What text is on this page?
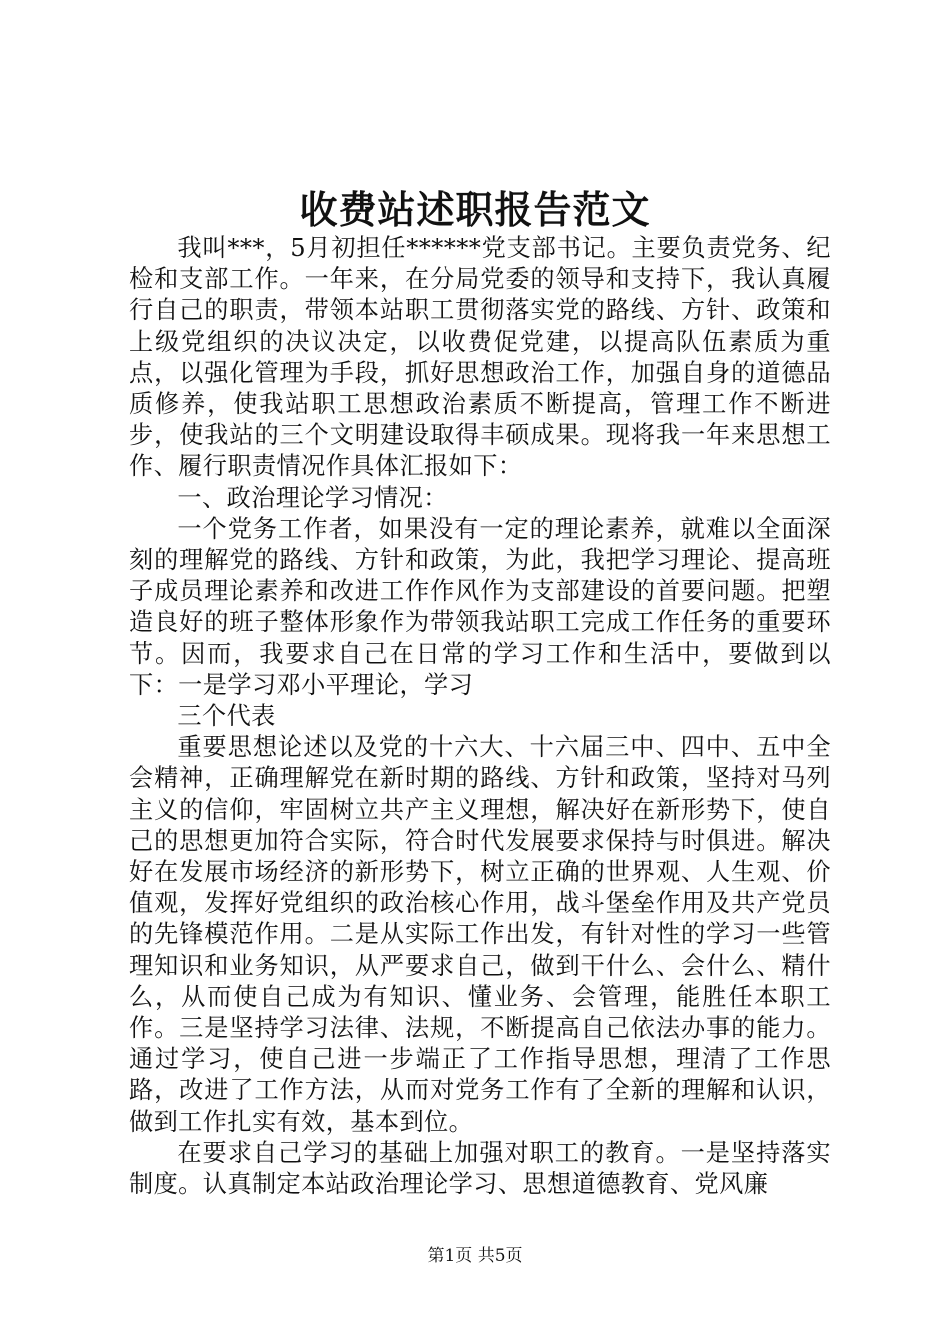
收费站述职报告范文

我叫***，5月初担任******党支部书记。主要负责党务、纪检和支部工作。一年来，在分局党委的领导和支持下，我认真履行自己的职责，带领本站职工贯彻落实党的路线、方针、政策和上级党组织的决议决定，以收费促党建，以提高队伍素质为重点，以强化管理为手段，抓好思想政治工作，加强自身的道德品质修养，使我站职工思想政治素质不断提高，管理工作不断进步，使我站的三个文明建设取得丰硕成果。现将我一年来思想工作、履行职责情况作具体汇报如下：

一、政治理论学习情况：

一个党务工作者，如果没有一定的理论素养，就难以全面深刻的理解党的路线、方针和政策，为此，我把学习理论、提高班子成员理论素养和改进工作作风作为支部建设的首要问题。把塑造良好的班子整体形象作为带领我站职工完成工作任务的重要环节。因而，我要求自己在日常的学习工作和生活中，要做到以下：一是学习邓小平理论，学习

三个代表

重要思想论述以及党的十六大、十六届三中、四中、五中全会精神，正确理解党在新时期的路线、方针和政策，坚持对马列主义的信仰，牢固树立共产主义理想，解决好在新形势下，使自己的思想更加符合实际，符合时代发展要求保持与时俱进。解决好在发展市场经济的新形势下，树立正确的世界观、人生观、价值观，发挥好党组织的政治核心作用，战斗堡垒作用及共产党员的先锋模范作用。二是从实际工作出发，有针对性的学习一些管理知识和业务知识，从严要求自己，做到干什么、会什么、精什么，从而使自己成为有知识、懂业务、会管理，能胜任本职工作。三是坚持学习法律、法规，不断提高自己依法办事的能力。通过学习，使自己进一步端正了工作指导思想，理清了工作思路，改进了工作方法，从而对党务工作有了全新的理解和认识，做到工作扎实有效，基本到位。

在要求自己学习的基础上加强对职工的教育。一是坚持落实制度。认真制定本站政治理论学习、思想道德教育、党风廉

第1页 共5页
